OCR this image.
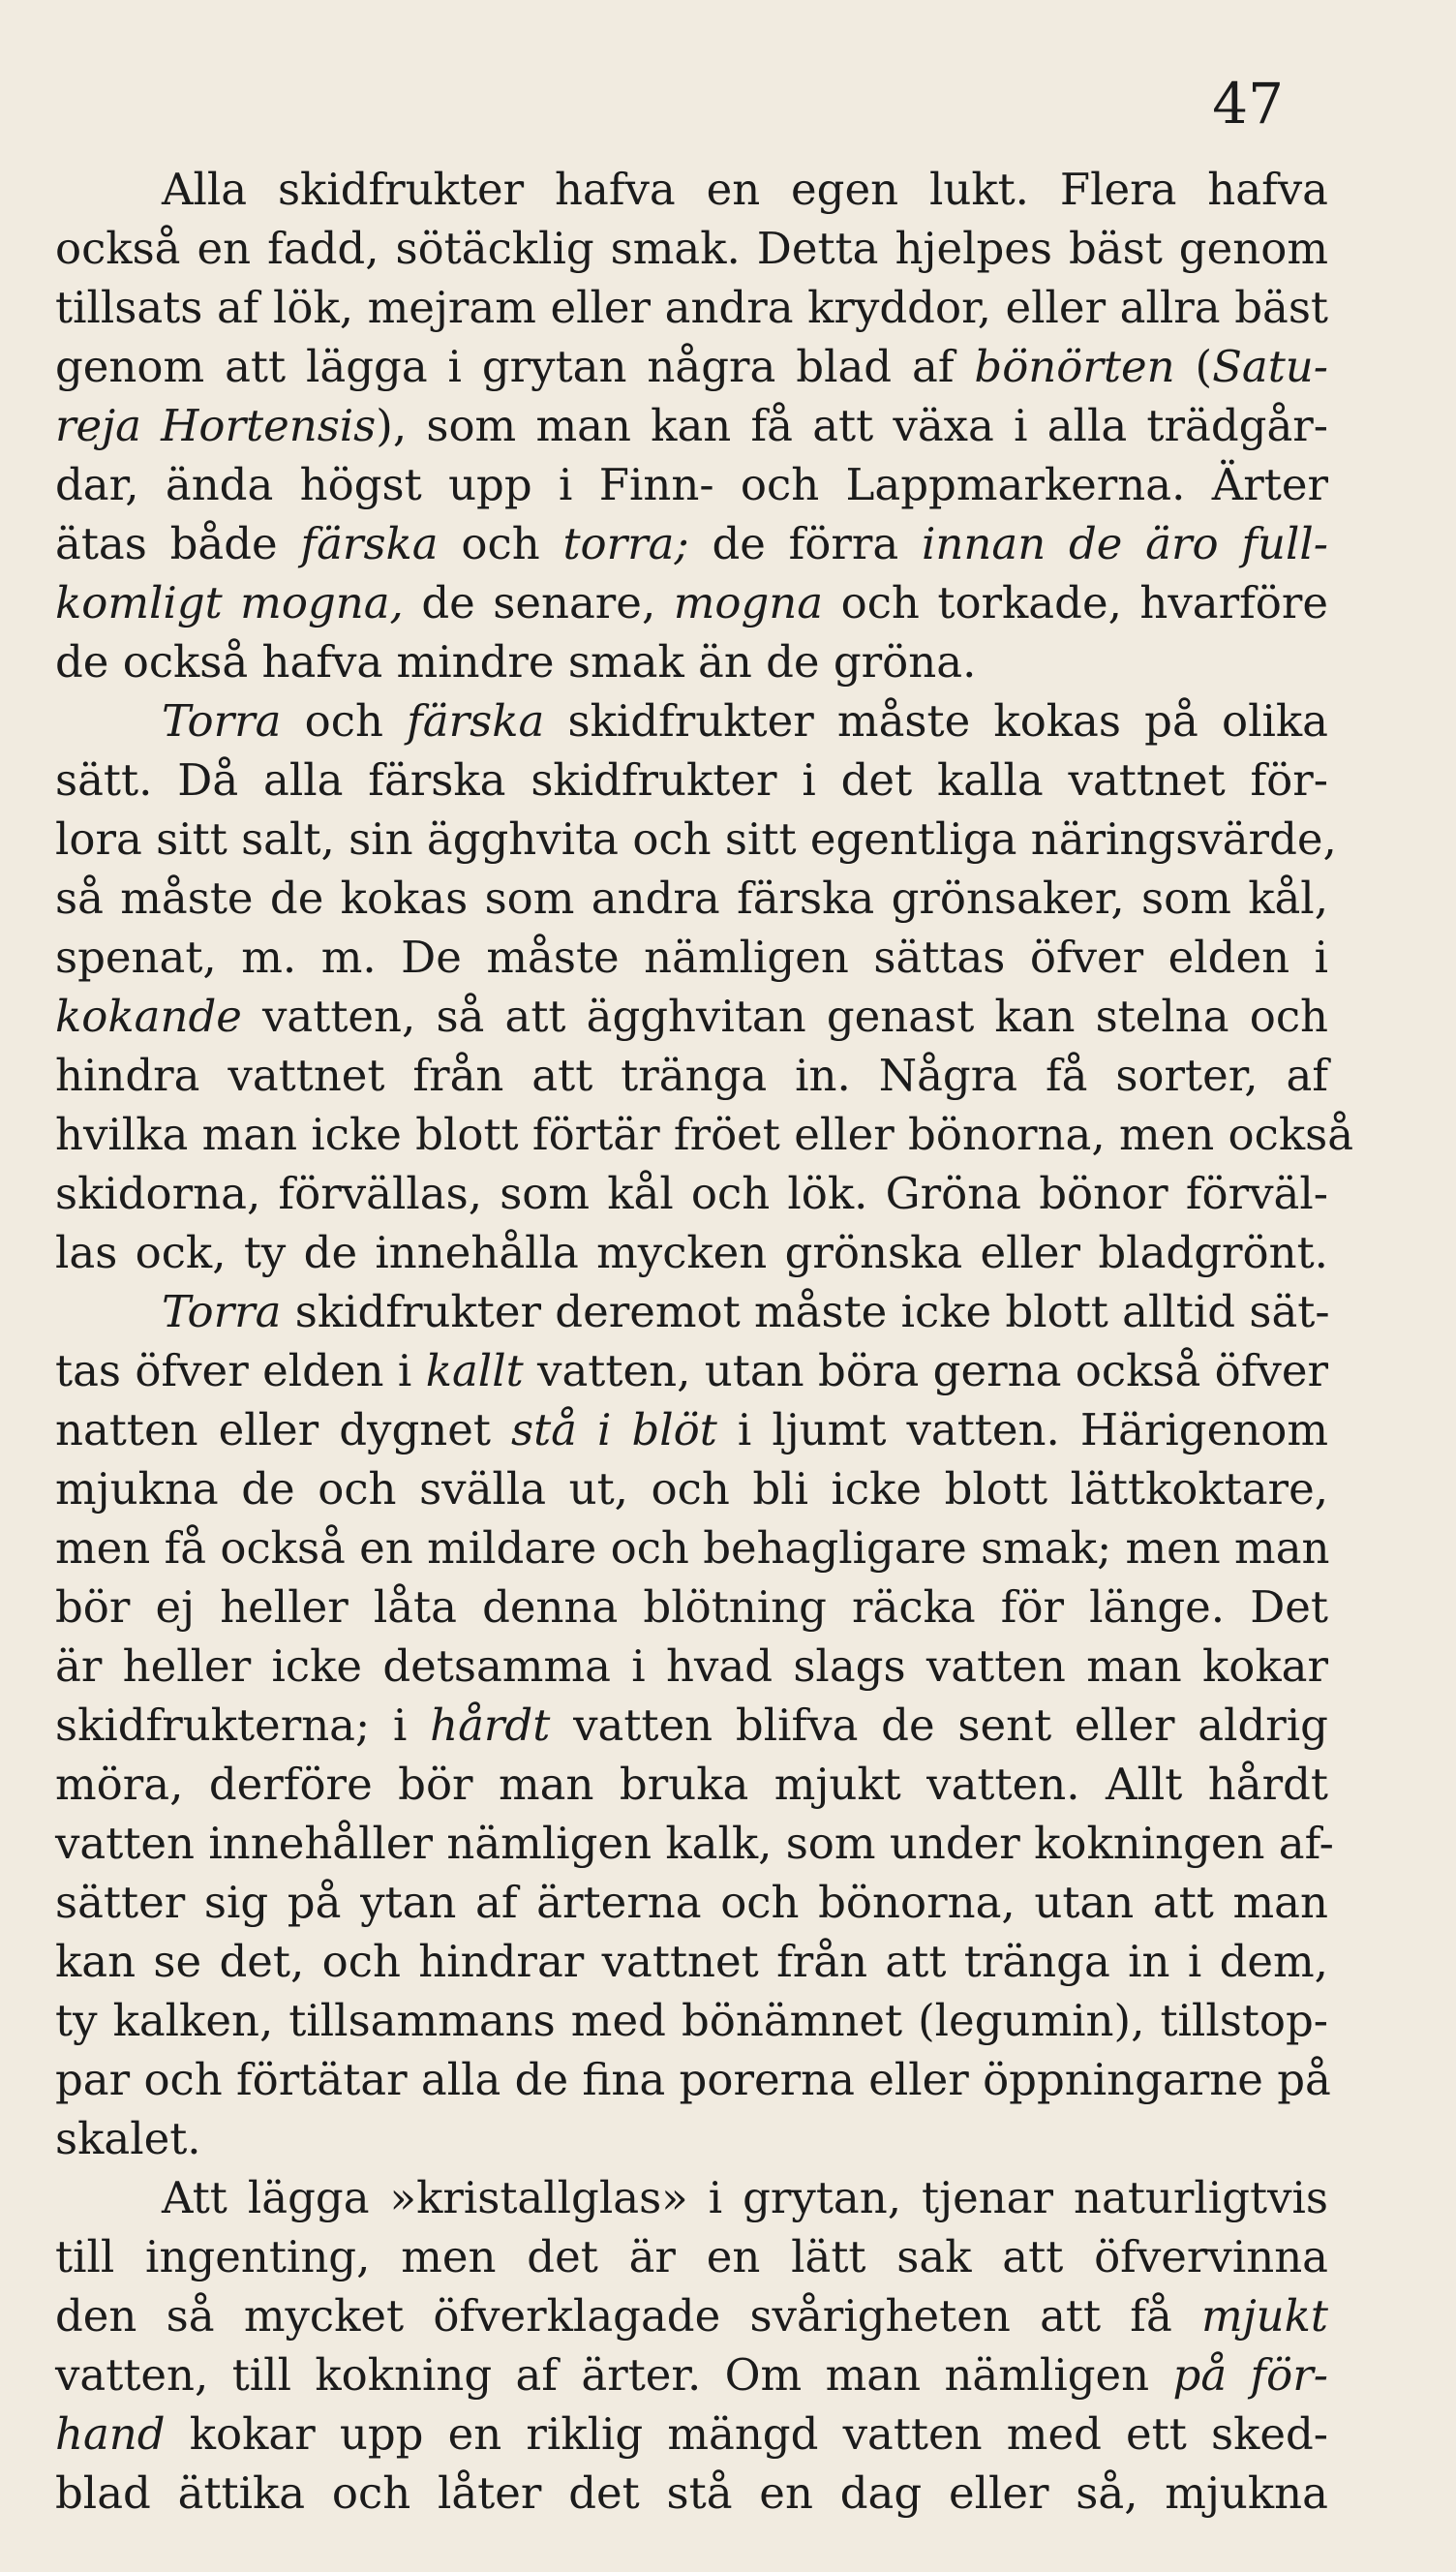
47
Alla skidfrukter hafva en egen lukt. Flera hafva
också en fadd, sötäcklig smak. Detta hjelpes bäst genom
tillsats af lök, mejram eller andra kryddor, eller allra bäst
genom att lägga i grytan några blad af bönörten (Satu-
reja Hortensis), som man kan få att växa i alla trädgår-
dar, ända högst upp i Finn- och Lappmarkerna. Ärter
ätas både färska och torra; de förra innan de äro full-
komligt mogna, de senare, mogna och torkade, hvarföre
de också hafva mindre smak än de gröna.
Torra och färska skidfrukter måste kokas på olika
sätt. Då alla färska skidfrukter i det kalla vattnet för-
lora sitt salt, sin ägghvita och sitt egentliga näringsvärde,
så måste de kokas som andra färska grönsaker, som kål,
spenat, m. m. De måste nämligen sättas öfver elden i
kokande vatten, så att ägghvitan genast kan stelna och
hindra vattnet från att tränga in. Några få sorter, af
hvilka man icke blott förtär fröet eller bönorna, men också
skidorna, förvällas, som kål och lök. Gröna bönor förväl-
las ock, ty de innehålla mycken grönska eller bladgrönt.
Torra skidfrukter deremot måste icke blott alltid sät-
tas öfver elden i kallt vatten, utan böra gerna också öfver
natten eller dygnet stå i blöt i ljumt vatten. Härigenom
mjukna de och svälla ut, och bli icke blott lättkoktare,
men få också en mildare och behagligare smak; men man
bör ej heller låta denna blötning räcka för länge. Det
är heller icke detsamma i hvad slags vatten man kokar
skidfrukterna; i hårdt vatten blifva de sent eller aldrig
möra, derföre bör man bruka mjukt vatten. Allt hårdt
vatten innehåller nämligen kalk, som under kokningen af-
sätter sig på ytan af ärterna och bönorna, utan att man
kan se det, och hindrar vattnet från att tränga in i dem,
ty kalken, tillsammans med bönämnet (legumin), tillstop-
par och förtätar alla de fina porerna eller öppningarne på
skalet.
Att lägga »kristallglas» i grytan, tjenar naturligtvis
till ingenting, men det är en lätt sak att öfvervinna
den så mycket öfverklagade svårigheten att få mjukt
vatten, till kokning af ärter. Om man nämligen på för-
hand kokar upp en riklig mängd vatten med ett sked-
blad ättika och låter det stå en dag eller så, mjukna
